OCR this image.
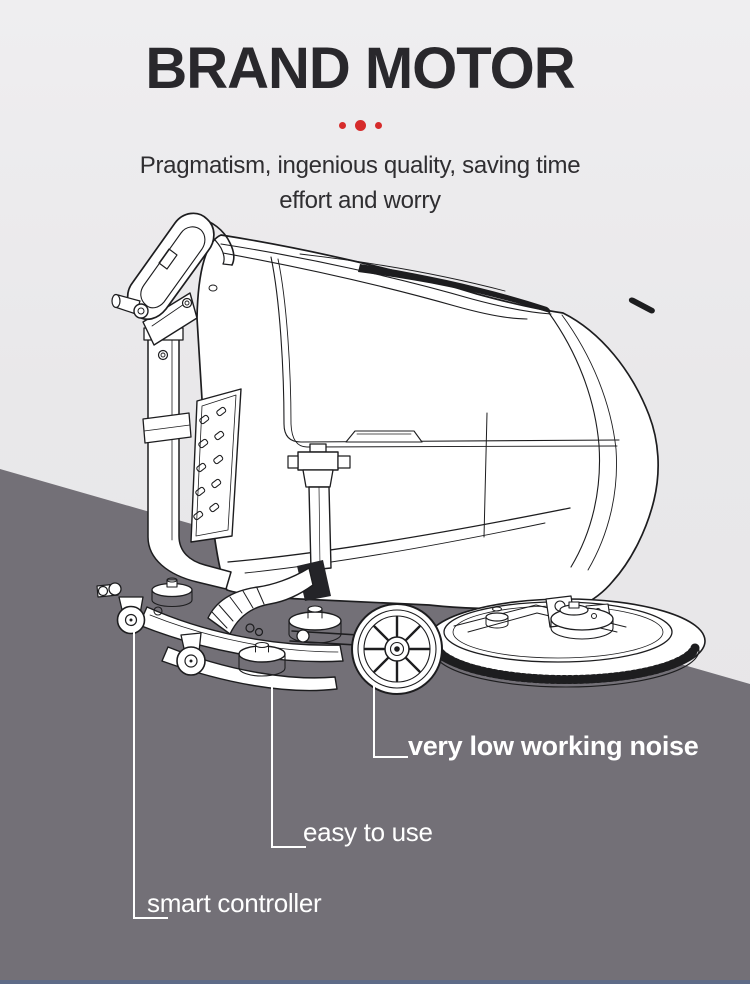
BRAND MOTOR
Pragmatism, ingenious quality, saving time
effort and worry
very low working noise
easy to use
smart controller
